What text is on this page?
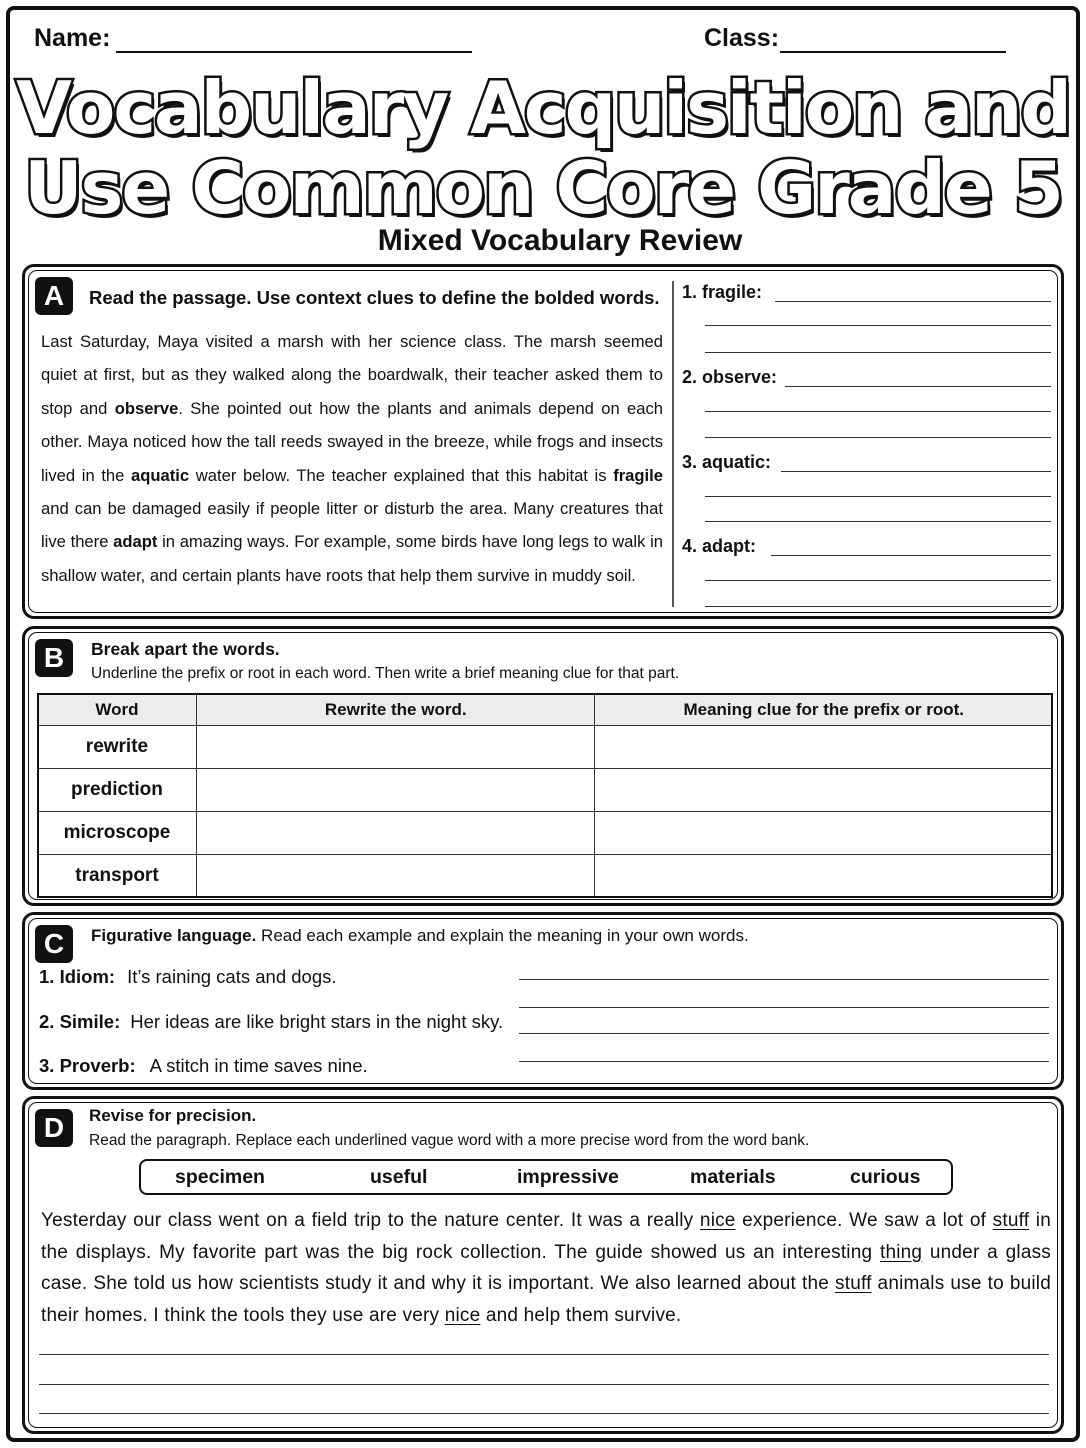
Name:	Class:
Vocabulary Acquisition and
Use Common Core Grade 5
Mixed Vocabulary Review
A	Read the passage. Use context clues to define the bolded words.
Last Saturday, Maya visited a marsh with her science class. The marsh seemed quiet at first, but as they walked along the boardwalk, their teacher asked them to stop and observe. She pointed out how the plants and animals depend on each other. Maya noticed how the tall reeds swayed in the breeze, while frogs and insects lived in the aquatic water below. The teacher explained that this habitat is fragile and can be damaged easily if people litter or disturb the area. Many creatures that live there adapt in amazing ways. For example, some birds have long legs to walk in shallow water, and certain plants have roots that help them survive in muddy soil.
1. fragile:
2. observe:
3. aquatic:
4. adapt:
B	Break apart the words.
Underline the prefix or root in each word. Then write a brief meaning clue for that part.
Word	Rewrite the word.	Meaning clue for the prefix or root.
rewrite		
prediction		
microscope		
transport		
C	Figurative language. Read each example and explain the meaning in your own words.
1. Idiom: It’s raining cats and dogs.
2. Simile: Her ideas are like bright stars in the night sky.
3. Proverb: A stitch in time saves nine.
D	Revise for precision.
Read the paragraph. Replace each underlined vague word with a more precise word from the word bank.
specimen	useful	impressive	materials	curious
Yesterday our class went on a field trip to the nature center. It was a really nice experience. We saw a lot of stuff in the displays. My favorite part was the big rock collection. The guide showed us an interesting thing under a glass case. She told us how scientists study it and why it is important. We also learned about the stuff animals use to build their homes. I think the tools they use are very nice and help them survive.
